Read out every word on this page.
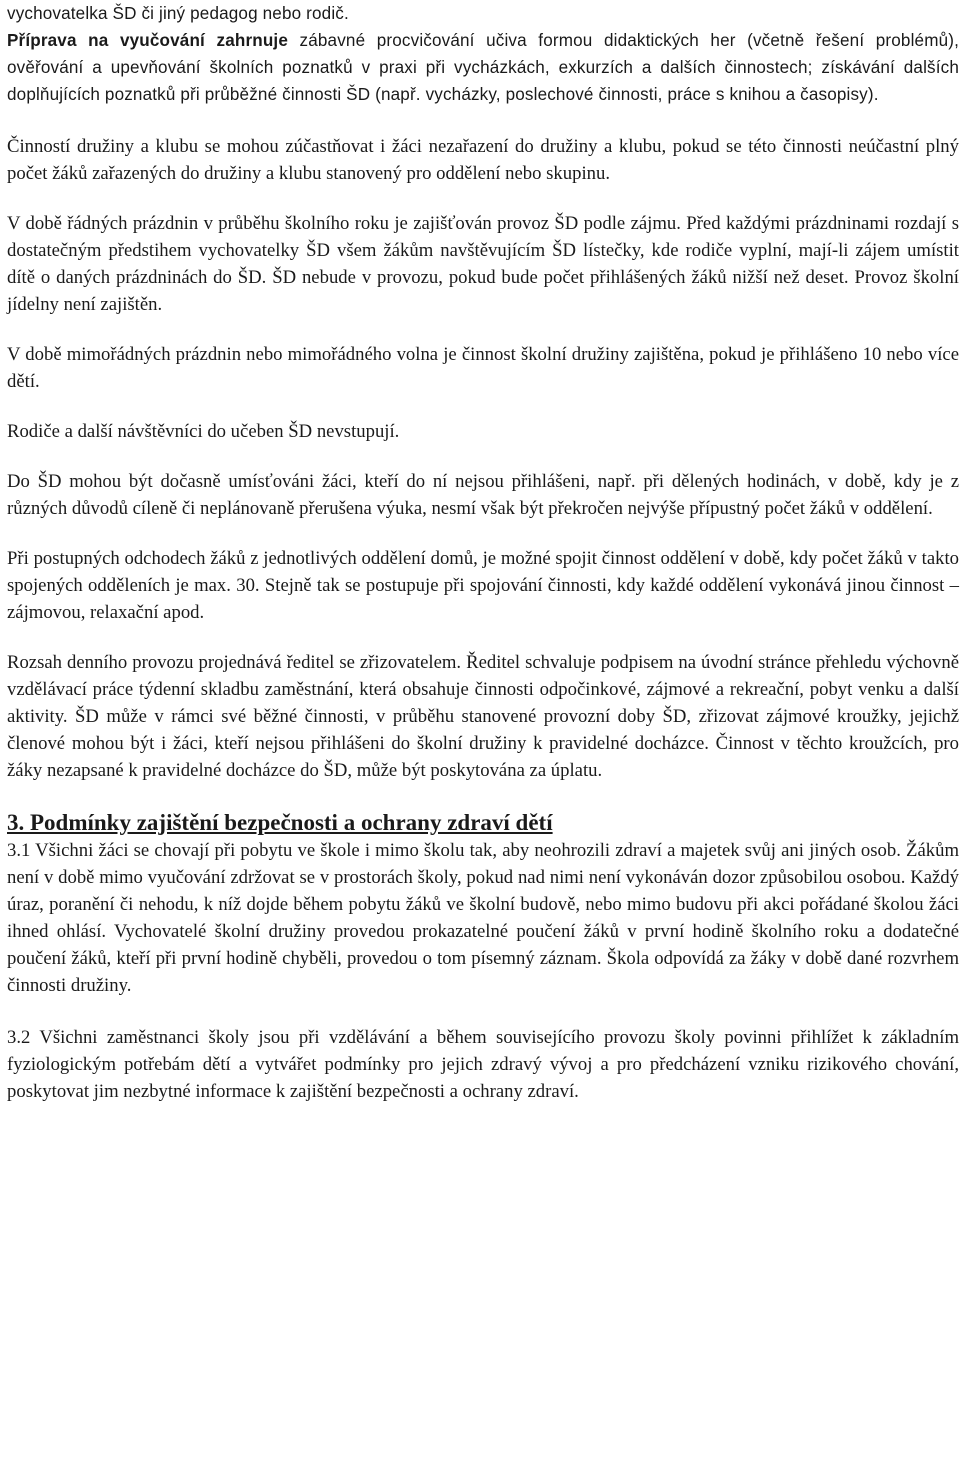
vychovatelka ŠD či jiný pedagog nebo rodič.
Příprava na vyučování zahrnuje zábavné procvičování učiva formou didaktických her (včetně řešení problémů), ověřování a upevňování školních poznatků v praxi při vycházkách, exkurzích a dalších činnostech; získávání dalších doplňujících poznatků při průběžné činnosti ŠD (např. vycházky, poslechové činnosti, práce s knihou a časopisy).

Činností družiny a klubu se mohou zúčastňovat i žáci nezařazení do družiny a klubu, pokud se této činnosti neúčastní plný počet žáků zařazených do družiny a klubu stanovený pro oddělení nebo skupinu.

V době řádných prázdnin v průběhu školního roku je zajišťován provoz ŠD podle zájmu. Před každými prázdninami rozdají s dostatečným předstihem vychovatelky ŠD všem žákům navštěvujícím ŠD lístečky, kde rodiče vyplní, mají-li zájem umístit dítě o daných prázdninách do ŠD. ŠD nebude v provozu, pokud bude počet přihlášených žáků nižší než deset. Provoz školní jídelny není zajištěn.

V době mimořádných prázdnin nebo mimořádného volna je činnost školní družiny zajištěna, pokud je přihlášeno 10 nebo více dětí.

Rodiče a další návštěvníci do učeben ŠD nevstupují.

Do ŠD mohou být dočasně umísťováni žáci, kteří do ní nejsou přihlášeni, např. při dělených hodinách, v době, kdy je z různých důvodů cíleně či neplánovaně přerušena výuka, nesmí však být překročen nejvýše přípustný počet žáků v oddělení.

Při postupných odchodech žáků z jednotlivých oddělení domů, je možné spojit činnost oddělení v době, kdy počet žáků v takto spojených odděleních je max. 30. Stejně tak se postupuje při spojování činnosti, kdy každé oddělení vykonává jinou činnost – zájmovou, relaxační apod.

Rozsah denního provozu projednává ředitel se zřizovatelem. Ředitel schvaluje podpisem na úvodní stránce přehledu výchovně vzdělávací práce týdenní skladbu zaměstnání, která obsahuje činnosti odpočinkové, zájmové a rekreační, pobyt venku a další aktivity. ŠD může v rámci své běžné činnosti, v průběhu stanovené provozní doby ŠD, zřizovat zájmové kroužky, jejichž členové mohou být i žáci, kteří nejsou přihlášeni do školní družiny k pravidelné docházce. Činnost v těchto kroužcích, pro žáky nezapsané k pravidelné docházce do ŠD, může být poskytována za úplatu.

3. Podmínky zajištění bezpečnosti a ochrany zdraví dětí

3.1 Všichni žáci se chovají při pobytu ve škole i mimo školu tak, aby neohrozili zdraví a majetek svůj ani jiných osob. Žákům není v době mimo vyučování zdržovat se v prostorách školy, pokud nad nimi není vykonáván dozor způsobilou osobou. Každý úraz, poranění či nehodu, k níž dojde během pobytu žáků ve školní budově, nebo mimo budovu při akci pořádané školou žáci ihned ohlásí. Vychovatelé školní družiny provedou prokazatelné poučení žáků v první hodině školního roku a dodatečné poučení žáků, kteří při první hodině chyběli, provedou o tom písemný záznam. Škola odpovídá za žáky v době dané rozvrhem činnosti družiny.

3.2 Všichni zaměstnanci školy jsou při vzdělávání a během souvisejícího provozu školy povinni přihlížet k základním fyziologickým potřebám dětí a vytvářet podmínky pro jejich zdravý vývoj a pro předcházení vzniku rizikového chování, poskytovat jim nezbytné informace k zajištění bezpečnosti a ochrany zdraví.
